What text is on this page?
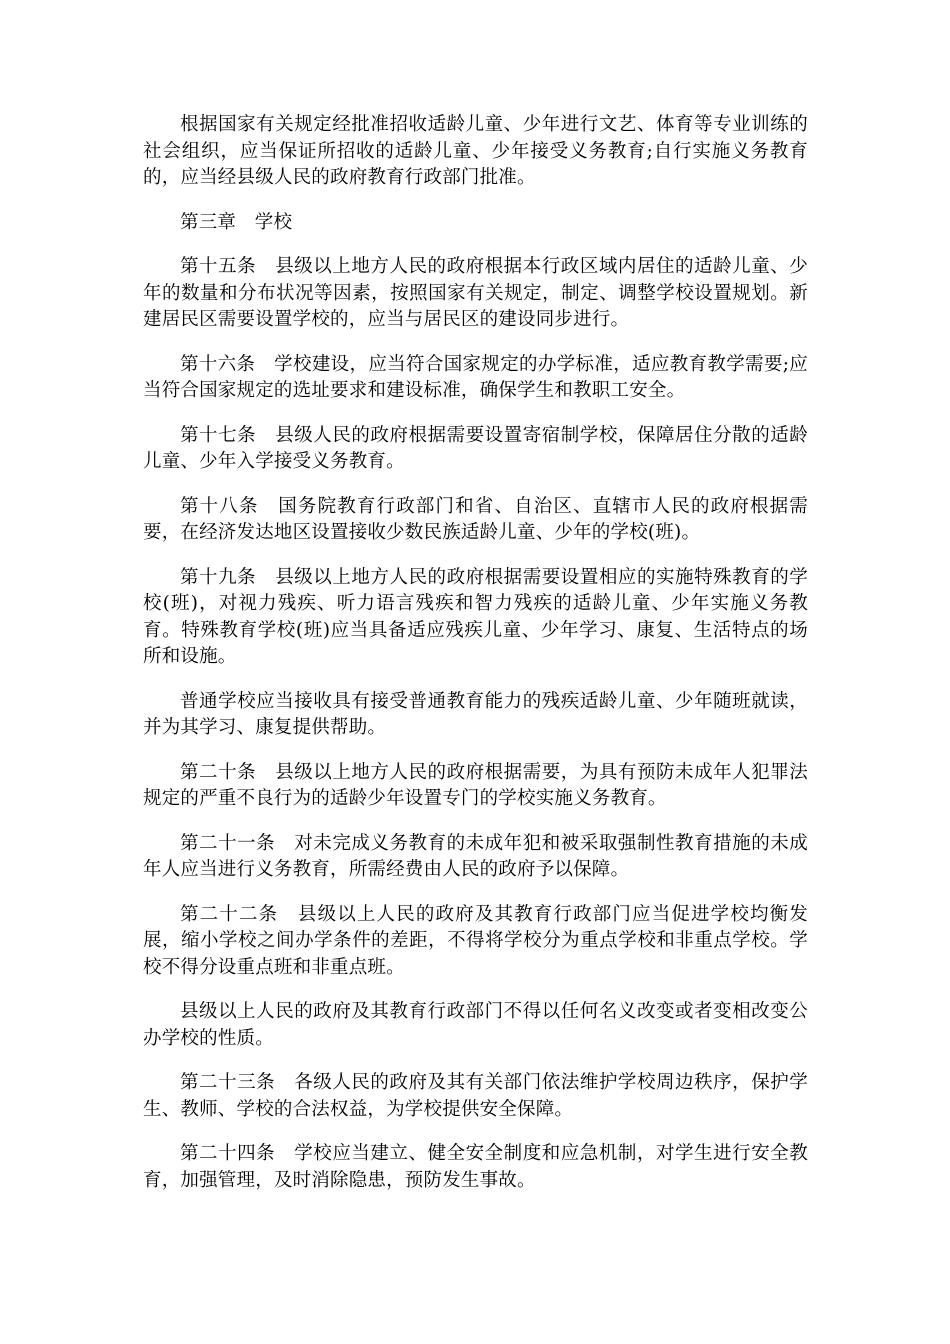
根据国家有关规定经批准招收适龄儿童、少年进行文艺、体育等专业训练的社会组织，应当保证所招收的适龄儿童、少年接受义务教育;自行实施义务教育的，应当经县级人民的政府教育行政部门批准。

第三章　学校

第十五条　县级以上地方人民的政府根据本行政区域内居住的适龄儿童、少年的数量和分布状况等因素，按照国家有关规定，制定、调整学校设置规划。新建居民区需要设置学校的，应当与居民区的建设同步进行。

第十六条　学校建设，应当符合国家规定的办学标准，适应教育教学需要;应当符合国家规定的选址要求和建设标准，确保学生和教职工安全。

第十七条　县级人民的政府根据需要设置寄宿制学校，保障居住分散的适龄儿童、少年入学接受义务教育。

第十八条　国务院教育行政部门和省、自治区、直辖市人民的政府根据需要，在经济发达地区设置接收少数民族适龄儿童、少年的学校(班)。

第十九条　县级以上地方人民的政府根据需要设置相应的实施特殊教育的学校(班)，对视力残疾、听力语言残疾和智力残疾的适龄儿童、少年实施义务教育。特殊教育学校(班)应当具备适应残疾儿童、少年学习、康复、生活特点的场所和设施。

普通学校应当接收具有接受普通教育能力的残疾适龄儿童、少年随班就读，并为其学习、康复提供帮助。

第二十条　县级以上地方人民的政府根据需要，为具有预防未成年人犯罪法规定的严重不良行为的适龄少年设置专门的学校实施义务教育。

第二十一条　对未完成义务教育的未成年犯和被采取强制性教育措施的未成年人应当进行义务教育，所需经费由人民的政府予以保障。

第二十二条　县级以上人民的政府及其教育行政部门应当促进学校均衡发展，缩小学校之间办学条件的差距，不得将学校分为重点学校和非重点学校。学校不得分设重点班和非重点班。

县级以上人民的政府及其教育行政部门不得以任何名义改变或者变相改变公办学校的性质。

第二十三条　各级人民的政府及其有关部门依法维护学校周边秩序，保护学生、教师、学校的合法权益，为学校提供安全保障。

第二十四条　学校应当建立、健全安全制度和应急机制，对学生进行安全教育，加强管理，及时消除隐患，预防发生事故。
